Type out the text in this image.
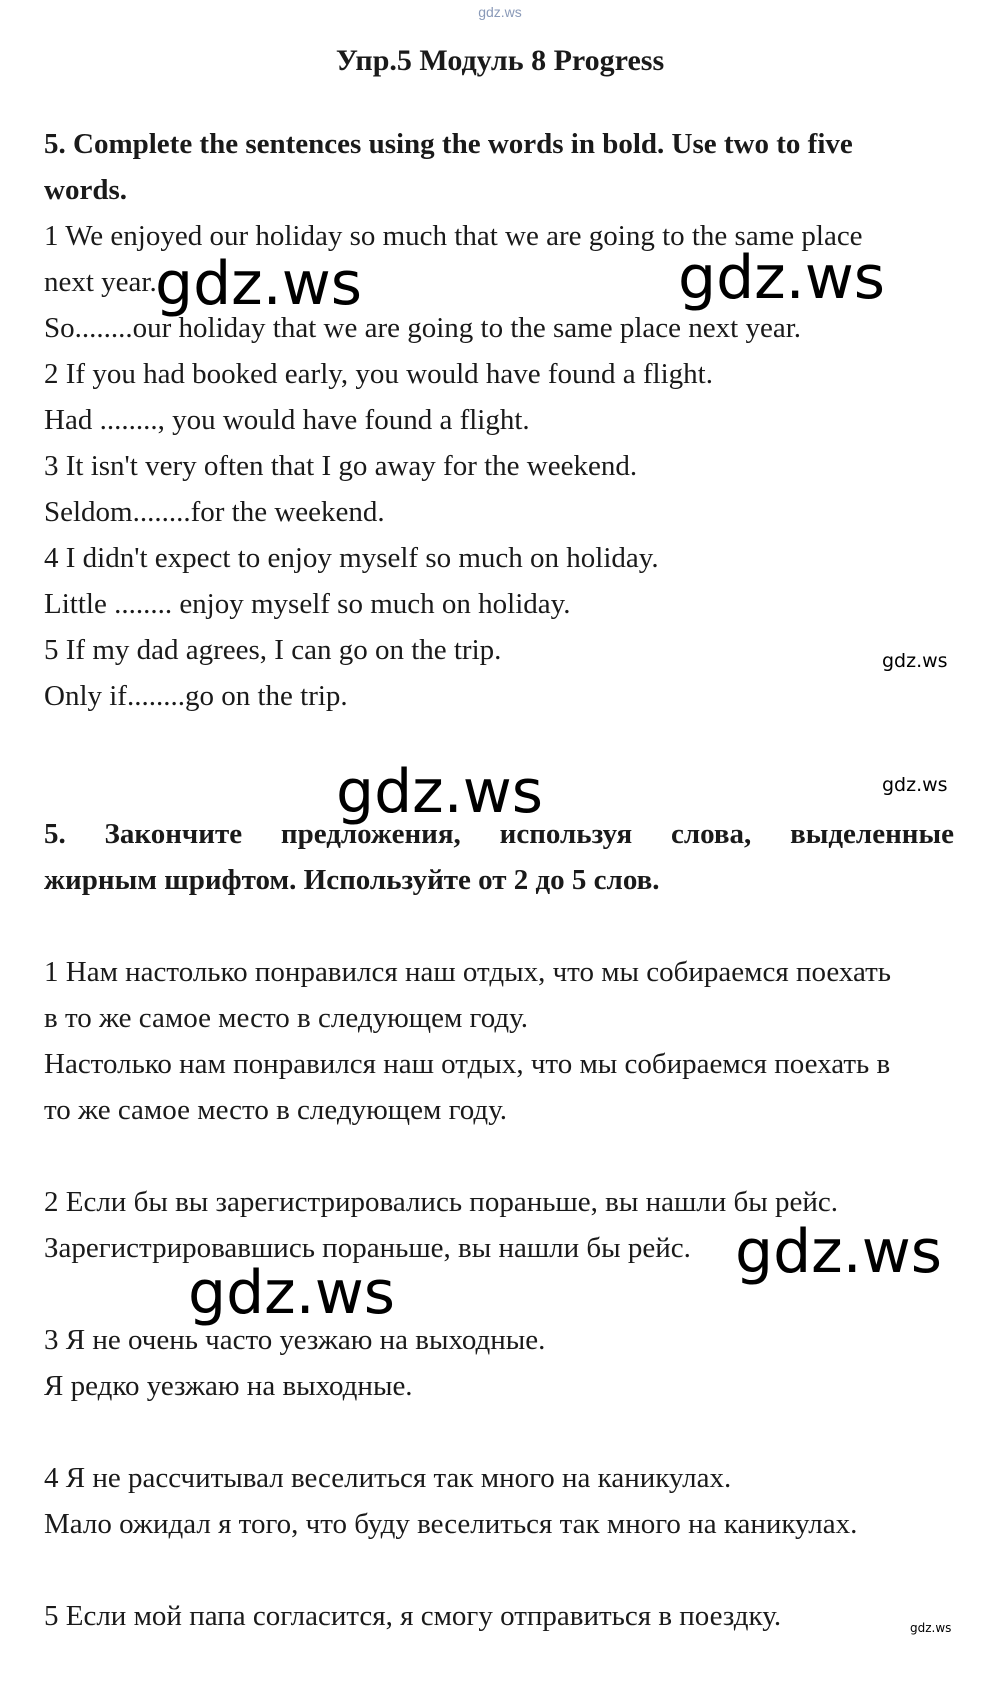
gdz.ws
Упр.5 Модуль 8 Progress
5. Complete the sentences using the words in bold. Use two to five
words.
1 We enjoyed our holiday so much that we are going to the same place
next year.
So........our holiday that we are going to the same place next year.
2 If you had booked early, you would have found a flight.
Had ........, you would have found a flight.
3 It isn't very often that I go away for the weekend.
Seldom........for the weekend.
4 I didn't expect to enjoy myself so much on holiday.
Little ........ enjoy myself so much on holiday.
5 If my dad agrees, I can go on the trip.
Only if........go on the trip.
5. Закончите предложения, используя слова, выделенные
жирным шрифтом. Используйте от 2 до 5 слов.
1 Нам настолько понравился наш отдых, что мы собираемся поехать
в то же самое место в следующем году.
Настолько нам понравился наш отдых, что мы собираемся поехать в
то же самое место в следующем году.
2 Если бы вы зарегистрировались пораньше, вы нашли бы рейс.
Зарегистрировавшись пораньше, вы нашли бы рейс.
3 Я не очень часто уезжаю на выходные.
Я редко уезжаю на выходные.
4 Я не рассчитывал веселиться так много на каникулах.
Мало ожидал я того, что буду веселиться так много на каникулах.
5 Если мой папа согласится, я смогу отправиться в поездку.
gdz.ws	gdz.ws
gdz.ws
gdz.ws	gdz.ws
gdz.ws
gdz.ws
gdz.ws
